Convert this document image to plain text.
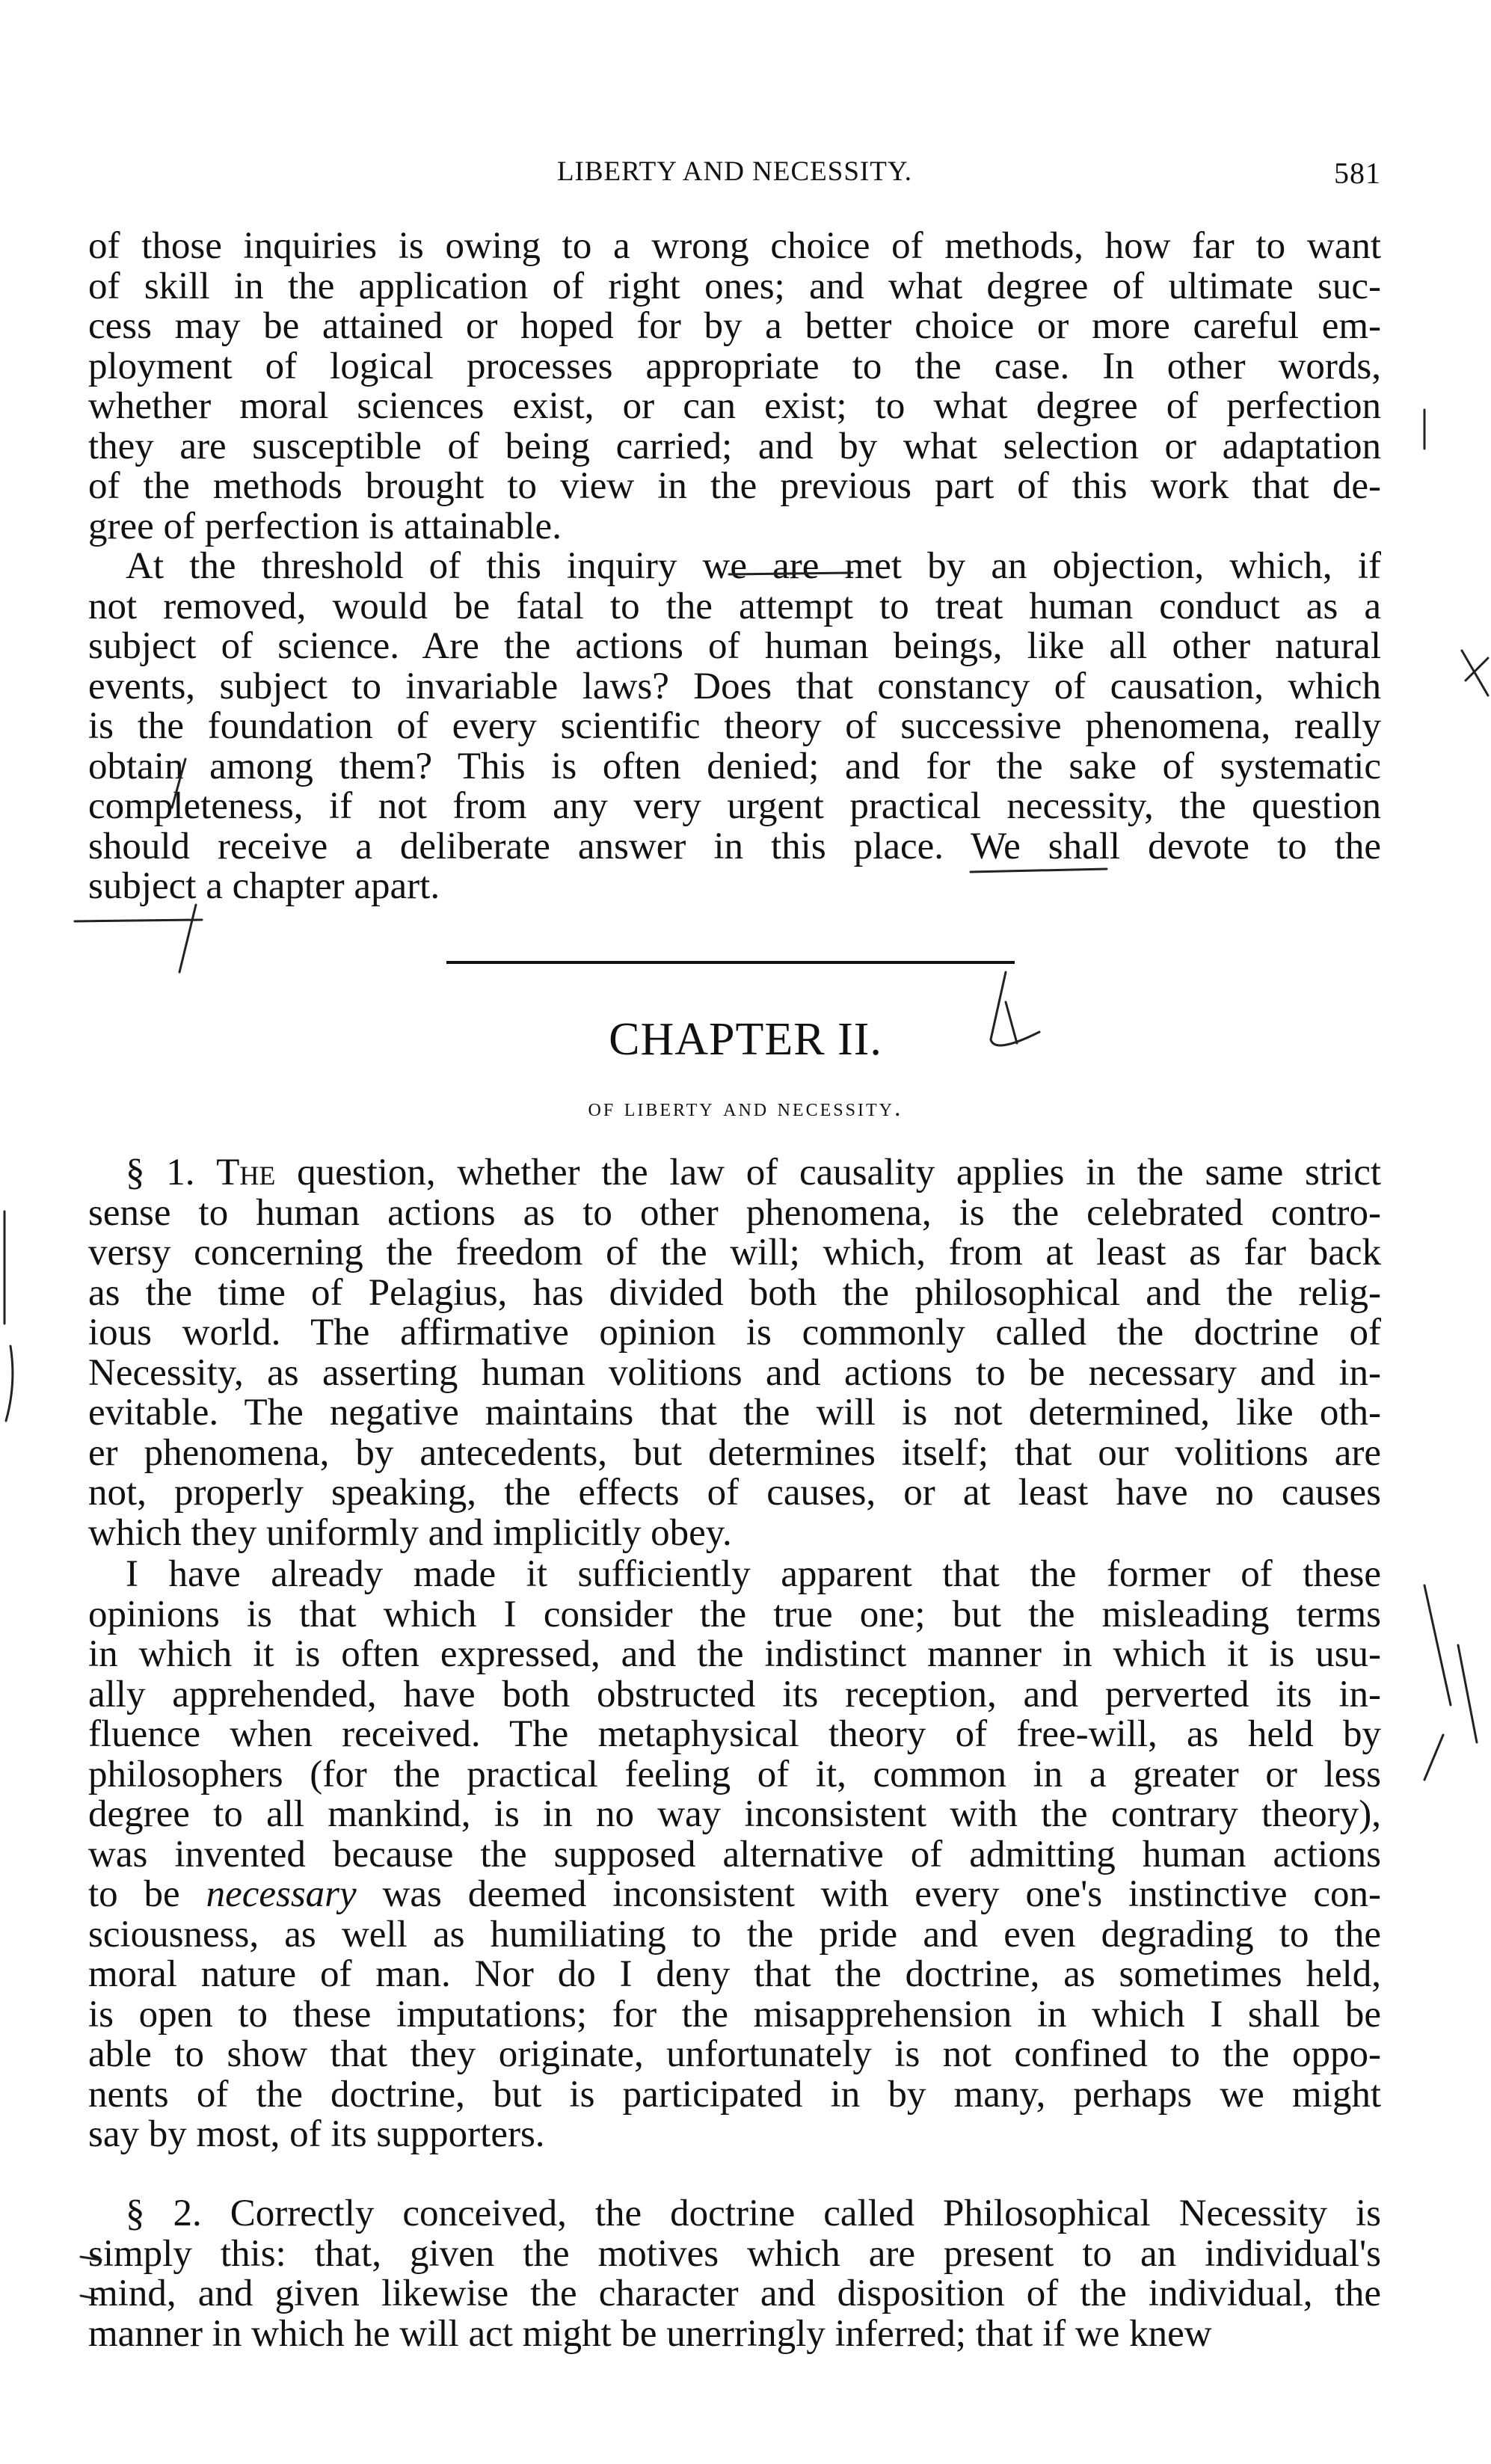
LIBERTY AND NECESSITY.	581
of those inquiries is owing to a wrong choice of methods, how far to want
of skill in the application of right ones; and what degree of ultimate suc-
cess may be attained or hoped for by a better choice or more careful em-
ployment of logical processes appropriate to the case. In other words,
whether moral sciences exist, or can exist; to what degree of perfection
they are susceptible of being carried; and by what selection or adaptation
of the methods brought to view in the previous part of this work that de-
gree of perfection is attainable.
At the threshold of this inquiry we are met by an objection, which, if
not removed, would be fatal to the attempt to treat human conduct as a
subject of science. Are the actions of human beings, like all other natural
events, subject to invariable laws? Does that constancy of causation, which
is the foundation of every scientific theory of successive phenomena, really
obtain among them? This is often denied; and for the sake of systematic
completeness, if not from any very urgent practical necessity, the question
should receive a deliberate answer in this place. We shall devote to the
subject a chapter apart.
CHAPTER II.
of liberty and necessity.
§ 1. The question, whether the law of causality applies in the same strict
sense to human actions as to other phenomena, is the celebrated contro-
versy concerning the freedom of the will; which, from at least as far back
as the time of Pelagius, has divided both the philosophical and the relig-
ious world. The affirmative opinion is commonly called the doctrine of
Necessity, as asserting human volitions and actions to be necessary and in-
evitable. The negative maintains that the will is not determined, like oth-
er phenomena, by antecedents, but determines itself; that our volitions are
not, properly speaking, the effects of causes, or at least have no causes
which they uniformly and implicitly obey.
I have already made it sufficiently apparent that the former of these
opinions is that which I consider the true one; but the misleading terms
in which it is often expressed, and the indistinct manner in which it is usu-
ally apprehended, have both obstructed its reception, and perverted its in-
fluence when received. The metaphysical theory of free-will, as held by
philosophers (for the practical feeling of it, common in a greater or less
degree to all mankind, is in no way inconsistent with the contrary theory),
was invented because the supposed alternative of admitting human actions
to be necessary was deemed inconsistent with every one's instinctive con-
sciousness, as well as humiliating to the pride and even degrading to the
moral nature of man. Nor do I deny that the doctrine, as sometimes held,
is open to these imputations; for the misapprehension in which I shall be
able to show that they originate, unfortunately is not confined to the oppo-
nents of the doctrine, but is participated in by many, perhaps we might
say by most, of its supporters.
§ 2. Correctly conceived, the doctrine called Philosophical Necessity is
simply this: that, given the motives which are present to an individual's
mind, and given likewise the character and disposition of the individual, the
manner in which he will act might be unerringly inferred; that if we knew
